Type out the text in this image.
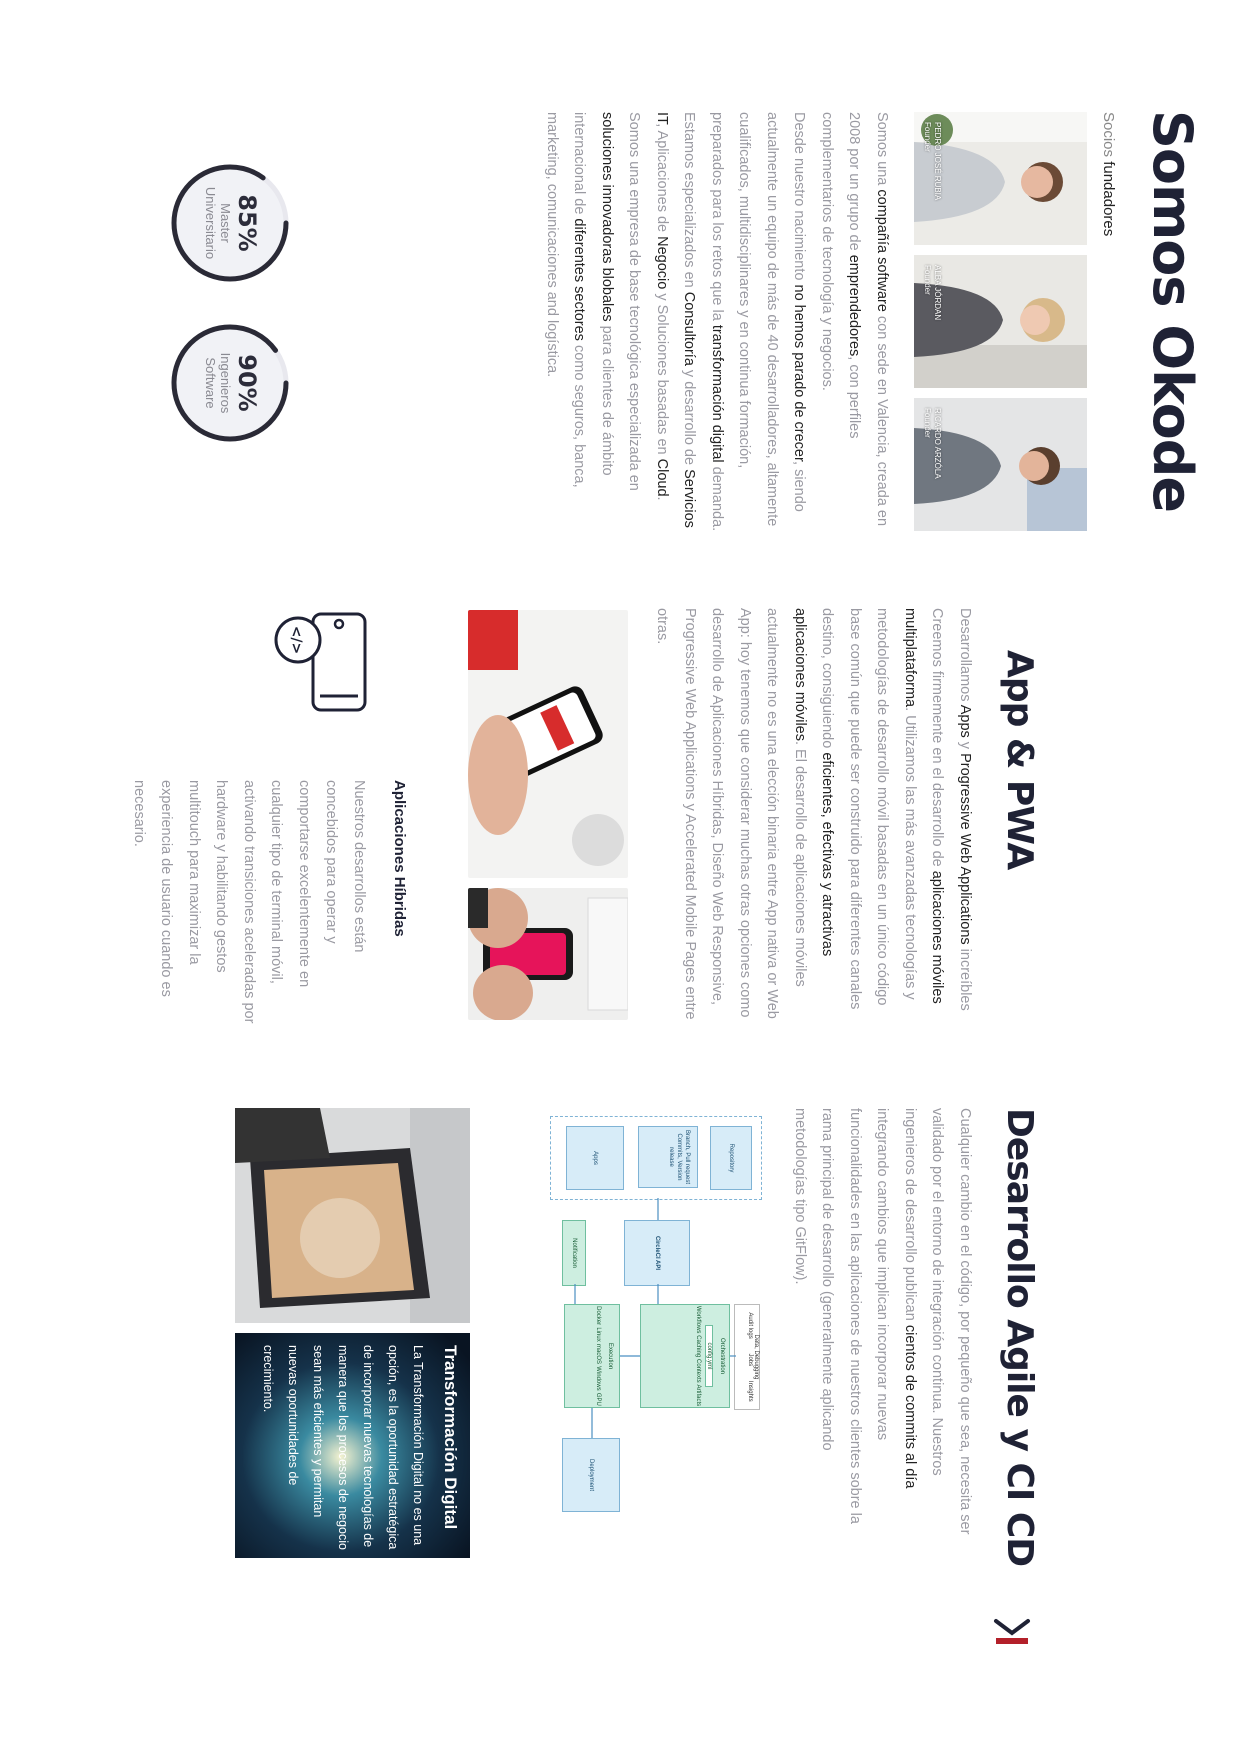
Somos Okode
Socios fundadores
PEDRO JOSÉ RUBIA
Founder
ALBA JÓRDAN
Founder
RICARDO ARZÓLA
Founder

Somos una compañía software con sede en Valencia, creada en 2008 por un grupo de emprendedores, con perfiles complementarios de tecnología y negocios.

Desde nuestro nacimiento no hemos parado de crecer, siendo actualmente un equipo de más de 40 desarrolladores, altamente cualificados, multidisciplinares y en continua formación, preparados para los retos que la transformación digital demanda.

Estamos especializados en Consultoría y desarrollo de Servicios IT, Aplicaciones de Negocio y Soluciones basadas en Cloud. Somos una empresa de base tecnológica especializada en soluciones innovadoras blobales para clientes de ámbito internacional de diferentes sectores como seguros, banca, marketing, comunicaciones and logística.

85%
Master
Universitario
90%
Ingenieros
Software
App & PWA

Desarrollamos Apps y Progressive Web Applications increíbles

Creemos firmemente en el desarrollo de aplicaciones móviles multiplataforma. Utilizamos las más avanzadas tecnologías y metodologías de desarrollo móvil basadas en un único código base común que puede ser construido para diferentes canales destino, consiguiendo eficientes, efectivas y atractivas aplicaciones móviles. El desarrollo de aplicaciones móviles actualmente no es una elección binaria entre App nativa or Web App: hoy tenemos que considerar muchas otras opciones como desarrollo de Aplicaciones Híbridas, Diseño Web Responsive, Progressive Web Applications y Accelerated Mobile Pages entre otras.

</>
Aplicaciones Híbridas

Nuestros desarrollos están concebidos para operar y comportarse excelentemente en cualquier tipo de terminal móvil, activando transiciones aceleradas por hardware y habilitando gestos multitouch para maximizar la experiencia de usuario cuando es necesario.

Desarrollo Agile y CI CD

Cualquier cambio en el código, por pequeño que sea, necesita ser validado por el entorno de integración continua. Nuestros ingenieros de desarrollo publican cientos de commits al día integrando cambios que implican incorporar nuevas funcionalidades en las aplicaciones de nuestros clientes sobre la rama principal de desarrollo (generalmente aplicando metodologías tipo GitFlow).

Repository
Branch, Pull request Commits, Version release
Apps
CircleCI API
Orchestration
config.yml
Workflows
Caching
Contexts
Artifacts
Data, Debugging
Audit logs
Jobs
Insights
Execution
Docker
Linux
macOS
Windows
GPU
Notification
Deployment
Transformación Digital

La Transformación Digital no es una opción, es la oportunidad estratégica de incorporar nuevas tecnologías de manera que los procesos de negocio sean más eficientes y permitan nuevas oportunidades de crecimiento.
